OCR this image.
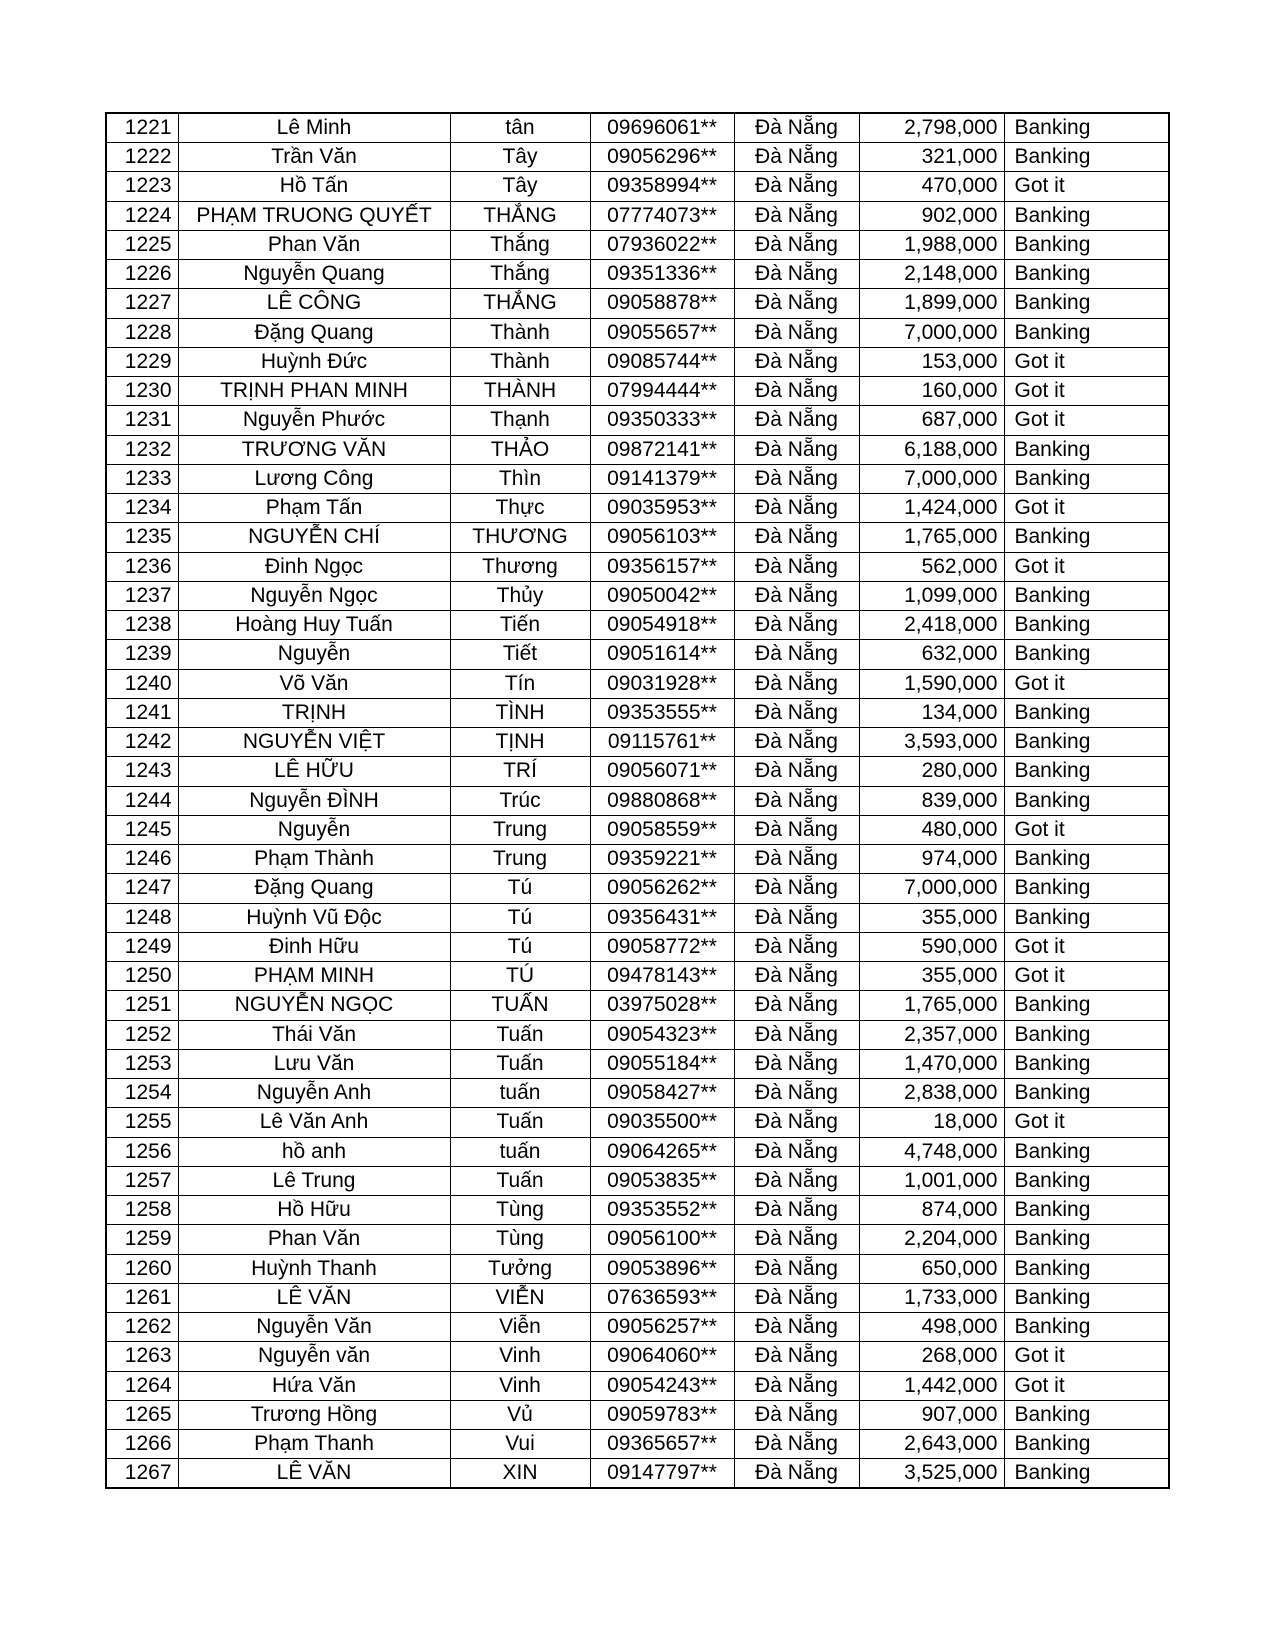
1221	Lê Minh	tân	09696061**	Đà Nẵng	2,798,000	Banking
1222	Trần Văn	Tây	09056296**	Đà Nẵng	321,000	Banking
1223	Hồ Tấn	Tây	09358994**	Đà Nẵng	470,000	Got it
1224	PHẠM TRUONG QUYẾT	THẮNG	07774073**	Đà Nẵng	902,000	Banking
1225	Phan Văn	Thắng	07936022**	Đà Nẵng	1,988,000	Banking
1226	Nguyễn Quang	Thắng	09351336**	Đà Nẵng	2,148,000	Banking
1227	LÊ CÔNG	THẮNG	09058878**	Đà Nẵng	1,899,000	Banking
1228	Đặng Quang	Thành	09055657**	Đà Nẵng	7,000,000	Banking
1229	Huỳnh Đức	Thành	09085744**	Đà Nẵng	153,000	Got it
1230	TRỊNH PHAN MINH	THÀNH	07994444**	Đà Nẵng	160,000	Got it
1231	Nguyễn Phước	Thạnh	09350333**	Đà Nẵng	687,000	Got it
1232	TRƯƠNG VĂN	THẢO	09872141**	Đà Nẵng	6,188,000	Banking
1233	Lương Công	Thìn	09141379**	Đà Nẵng	7,000,000	Banking
1234	Phạm Tấn	Thực	09035953**	Đà Nẵng	1,424,000	Got it
1235	NGUYỄN CHÍ	THƯƠNG	09056103**	Đà Nẵng	1,765,000	Banking
1236	Đinh Ngọc	Thương	09356157**	Đà Nẵng	562,000	Got it
1237	Nguyễn Ngọc	Thủy	09050042**	Đà Nẵng	1,099,000	Banking
1238	Hoàng Huy Tuấn	Tiến	09054918**	Đà Nẵng	2,418,000	Banking
1239	Nguyễn	Tiết	09051614**	Đà Nẵng	632,000	Banking
1240	Võ Văn	Tín	09031928**	Đà Nẵng	1,590,000	Got it
1241	TRỊNH	TÌNH	09353555**	Đà Nẵng	134,000	Banking
1242	NGUYỄN VIỆT	TỊNH	09115761**	Đà Nẵng	3,593,000	Banking
1243	LÊ HỮU	TRÍ	09056071**	Đà Nẵng	280,000	Banking
1244	Nguyễn ĐÌNH	Trúc	09880868**	Đà Nẵng	839,000	Banking
1245	Nguyễn	Trung	09058559**	Đà Nẵng	480,000	Got it
1246	Phạm Thành	Trung	09359221**	Đà Nẵng	974,000	Banking
1247	Đặng Quang	Tú	09056262**	Đà Nẵng	7,000,000	Banking
1248	Huỳnh Vũ Độc	Tú	09356431**	Đà Nẵng	355,000	Banking
1249	Đinh Hữu	Tú	09058772**	Đà Nẵng	590,000	Got it
1250	PHẠM MINH	TÚ	09478143**	Đà Nẵng	355,000	Got it
1251	NGUYỄN NGỌC	TUẤN	03975028**	Đà Nẵng	1,765,000	Banking
1252	Thái Văn	Tuấn	09054323**	Đà Nẵng	2,357,000	Banking
1253	Lưu Văn	Tuấn	09055184**	Đà Nẵng	1,470,000	Banking
1254	Nguyễn Anh	tuấn	09058427**	Đà Nẵng	2,838,000	Banking
1255	Lê Văn Anh	Tuấn	09035500**	Đà Nẵng	18,000	Got it
1256	hồ anh	tuấn	09064265**	Đà Nẵng	4,748,000	Banking
1257	Lê Trung	Tuấn	09053835**	Đà Nẵng	1,001,000	Banking
1258	Hồ Hữu	Tùng	09353552**	Đà Nẵng	874,000	Banking
1259	Phan Văn	Tùng	09056100**	Đà Nẵng	2,204,000	Banking
1260	Huỳnh Thanh	Tưởng	09053896**	Đà Nẵng	650,000	Banking
1261	LÊ VĂN	VIỄN	07636593**	Đà Nẵng	1,733,000	Banking
1262	Nguyễn Văn	Viễn	09056257**	Đà Nẵng	498,000	Banking
1263	Nguyễn văn	Vinh	09064060**	Đà Nẵng	268,000	Got it
1264	Hứa Văn	Vinh	09054243**	Đà Nẵng	1,442,000	Got it
1265	Trương Hồng	Vủ	09059783**	Đà Nẵng	907,000	Banking
1266	Phạm Thanh	Vui	09365657**	Đà Nẵng	2,643,000	Banking
1267	LÊ VĂN	XIN	09147797**	Đà Nẵng	3,525,000	Banking
